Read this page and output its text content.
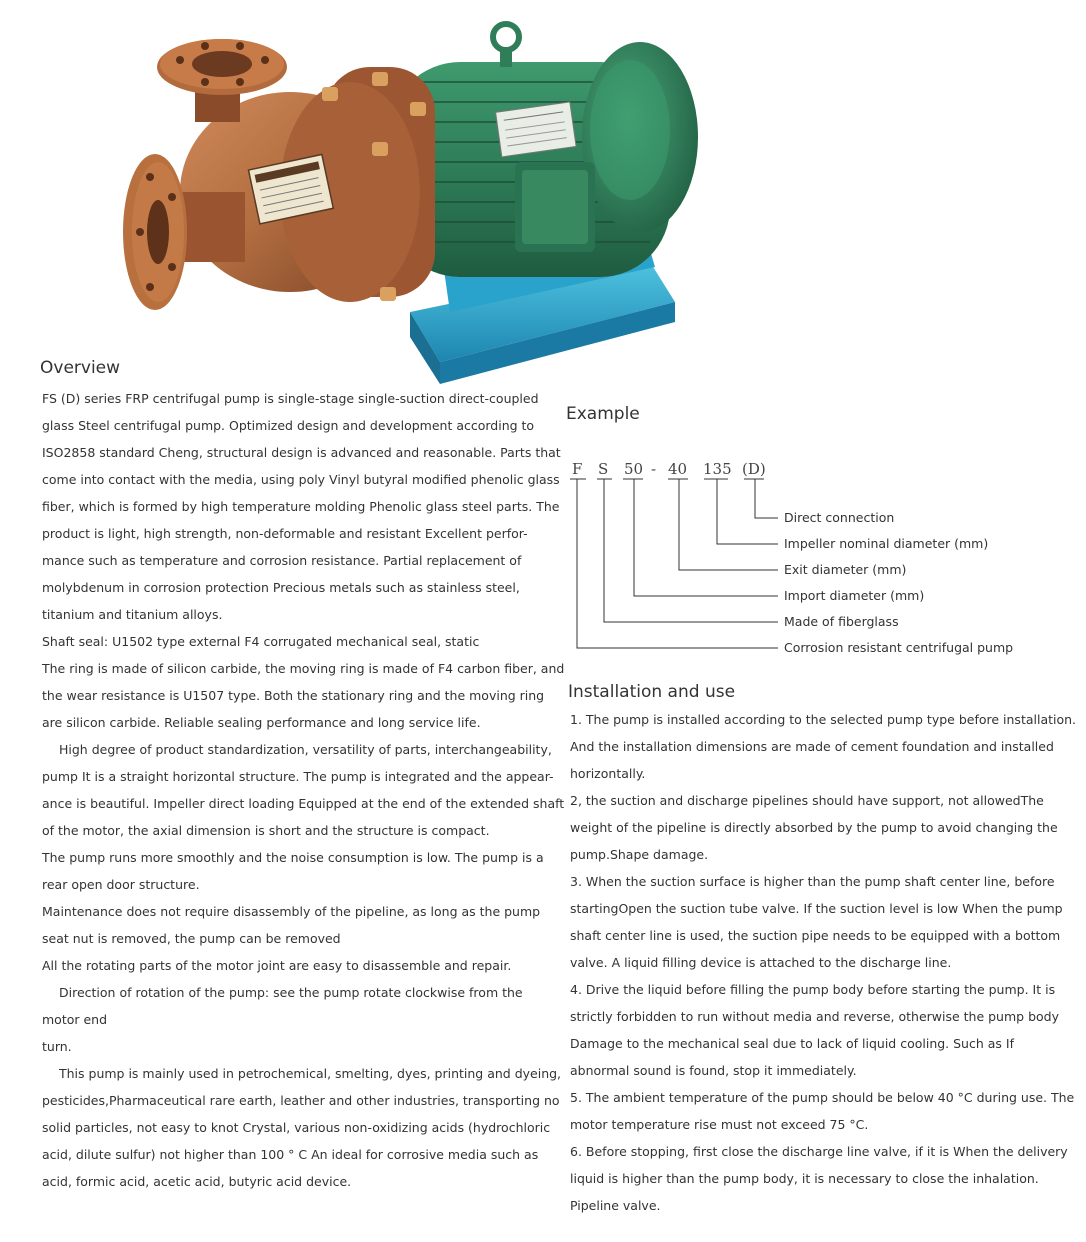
Overview

FS (D) series FRP centrifugal pump is single-stage single-suction direct-coupled

glass Steel centrifugal pump. Optimized design and development according to

ISO2858 standard Cheng, structural design is advanced and reasonable. Parts that

come into contact with the media, using poly Vinyl butyral modified phenolic glass

fiber, which is formed by high temperature molding Phenolic glass steel parts. The

product is light, high strength, non-deformable and resistant Excellent perfor-

mance such as temperature and corrosion resistance. Partial replacement of

molybdenum in corrosion protection Precious metals such as stainless steel,

titanium and titanium alloys.

Shaft seal: U1502 type external F4 corrugated mechanical seal, static

The ring is made of silicon carbide, the moving ring is made of F4 carbon fiber, and

the wear resistance is U1507 type. Both the stationary ring and the moving ring

are silicon carbide. Reliable sealing performance and long service life.

High degree of product standardization, versatility of parts, interchangeability,

pump It is a straight horizontal structure. The pump is integrated and the appear-

ance is beautiful. Impeller direct loading Equipped at the end of the extended shaft

of the motor, the axial dimension is short and the structure is compact.

The pump runs more smoothly and the noise consumption is low. The pump is a

rear open door structure.

Maintenance does not require disassembly of the pipeline, as long as the pump

seat nut is removed, the pump can be removed

All the rotating parts of the motor joint are easy to disassemble and repair.

Direction of rotation of the pump: see the pump rotate clockwise from the

motor end

turn.

This pump is mainly used in petrochemical, smelting, dyes, printing and dyeing,

pesticides,Pharmaceutical rare earth, leather and other industries, transporting no

solid particles, not easy to knot Crystal, various non-oxidizing acids (hydrochloric

acid, dilute sulfur) not higher than 100 ° C An ideal for corrosive media such as

acid, formic acid, acetic acid, butyric acid device.

Example
F S 50 - 40 135 (D)
Direct connection
Impeller nominal diameter (mm)
Exit diameter (mm)
Import diameter (mm)
Made of fiberglass
Corrosion resistant centrifugal pump
Installation and use

1. The pump is installed according to the selected pump type before installation.

And the installation dimensions are made of cement foundation and installed

horizontally.

2, the suction and discharge pipelines should have support, not allowedThe

weight of the pipeline is directly absorbed by the pump to avoid changing the

pump.Shape damage.

3. When the suction surface is higher than the pump shaft center line, before

startingOpen the suction tube valve. If the suction level is low When the pump

shaft center line is used, the suction pipe needs to be equipped with a bottom

valve. A liquid filling device is attached to the discharge line.

4. Drive the liquid before filling the pump body before starting the pump. It is

strictly forbidden to run without media and reverse, otherwise the pump body

Damage to the mechanical seal due to lack of liquid cooling. Such as If

abnormal sound is found, stop it immediately.

5. The ambient temperature of the pump should be below 40 °C during use. The

motor temperature rise must not exceed 75 °C.

6. Before stopping, first close the discharge line valve, if it is When the delivery

liquid is higher than the pump body, it is necessary to close the inhalation.

Pipeline valve.
